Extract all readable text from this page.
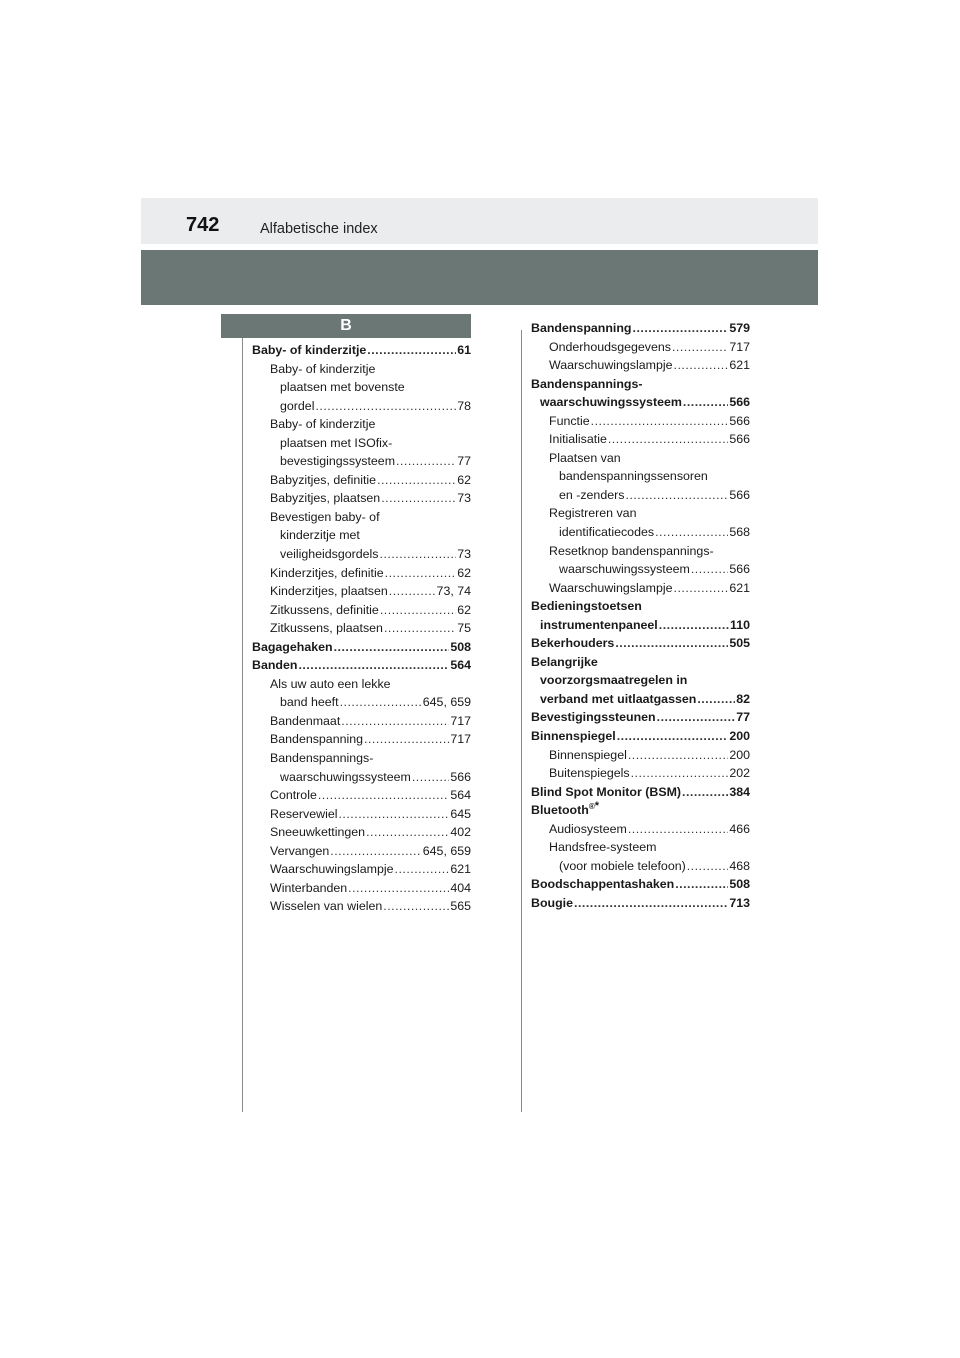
742	Alfabetische index
B
Baby- of kinderzitje .....	61
Baby- of kinderzitje
plaatsen met bovenste
gordel .....	78
Baby- of kinderzitje
plaatsen met ISOfix-
bevestigingssysteem .....	77
Babyzitjes, definitie .....	62
Babyzitjes, plaatsen .....	73
Bevestigen baby- of
kinderzitje met
veiligheidsgordels .....	73
Kinderzitjes, definitie .....	62
Kinderzitjes, plaatsen .....	73, 74
Zitkussens, definitie .....	62
Zitkussens, plaatsen .....	75
Bagagehaken .....	508
Banden .....	564
Als uw auto een lekke
band heeft .....	645, 659
Bandenmaat .....	717
Bandenspanning .....	717
Bandenspannings-
waarschuwingssysteem .....	566
Controle .....	564
Reservewiel .....	645
Sneeuwkettingen .....	402
Vervangen .....	645, 659
Waarschuwingslampje .....	621
Winterbanden .....	404
Wisselen van wielen .....	565
Bandenspanning .....	579
Onderhoudsgegevens .....	717
Waarschuwingslampje .....	621
Bandenspannings-
waarschuwingssysteem .....	566
Functie .....	566
Initialisatie .....	566
Plaatsen van
bandenspanningssensoren
en -zenders .....	566
Registreren van
identificatiecodes .....	568
Resetknop bandenspannings-
waarschuwingssysteem .....	566
Waarschuwingslampje .....	621
Bedieningstoetsen
instrumentenpaneel .....	110
Bekerhouders .....	505
Belangrijke
voorzorgsmaatregelen in
verband met uitlaatgassen .....	82
Bevestigingssteunen .....	77
Binnenspiegel .....	200
Binnenspiegel .....	200
Buitenspiegels .....	202
Blind Spot Monitor (BSM) .....	384
Bluetooth®*
Audiosysteem .....	466
Handsfree-systeem
(voor mobiele telefoon) .....	468
Boodschappentashaken .....	508
Bougie .....	713
